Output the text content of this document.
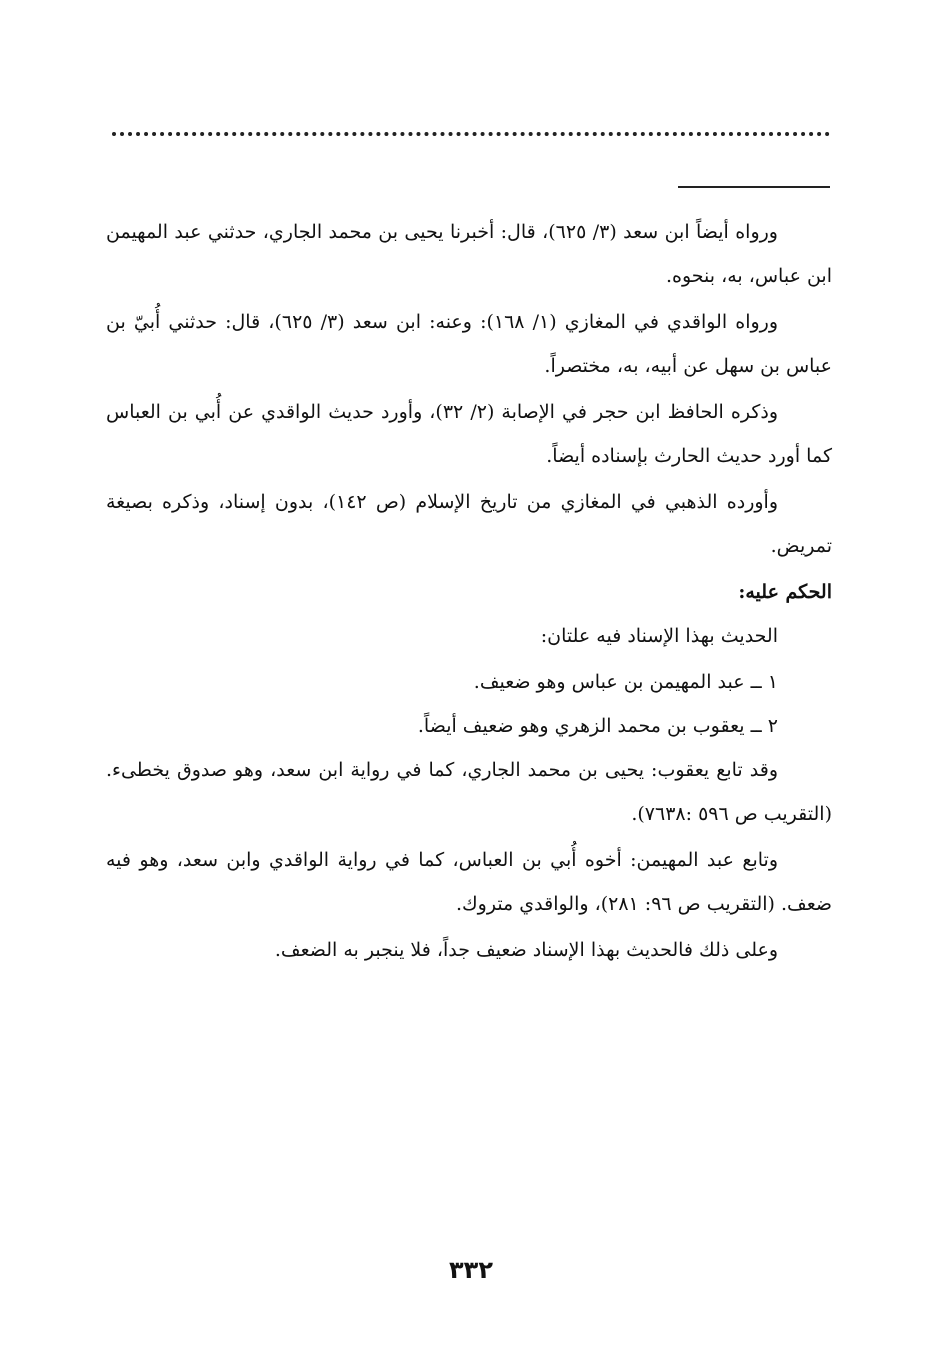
ورواه أيضاً ابن سعد (٣/ ٦٢٥)، قال: أخبرنا يحيى بن محمد الجاري، حدثني عبد المهيمن ابن عباس، به، بنحوه.

ورواه الواقدي في المغازي (١/ ١٦٨): وعنه: ابن سعد (٣/ ٦٢٥)، قال: حدثني أُبيّ بن عباس بن سهل عن أبيه، به، مختصراً.

وذكره الحافظ ابن حجر في الإصابة (٢/ ٣٢)، وأورد حديث الواقدي عن أُبي بن العباس كما أورد حديث الحارث بإسناده أيضاً.

وأورده الذهبي في المغازي من تاريخ الإسلام (ص ١٤٢)، بدون إسناد، وذكره بصيغة تمريض.

الحكم عليه:

الحديث بهذا الإسناد فيه علتان:

١ ــ عبد المهيمن بن عباس وهو ضعيف.

٢ ــ يعقوب بن محمد الزهري وهو ضعيف أيضاً.

وقد تابع يعقوب: يحيى بن محمد الجاري، كما في رواية ابن سعد، وهو صدوق يخطىء. (التقريب ص ٥٩٦ :٧٦٣٨).

وتابع عبد المهيمن: أخوه أُبي بن العباس، كما في رواية الواقدي وابن سعد، وهو فيه ضعف. (التقريب ص ٩٦: ٢٨١)، والواقدي متروك.

وعلى ذلك فالحديث بهذا الإسناد ضعيف جداً، فلا ينجبر به الضعف.

٣٣٢
